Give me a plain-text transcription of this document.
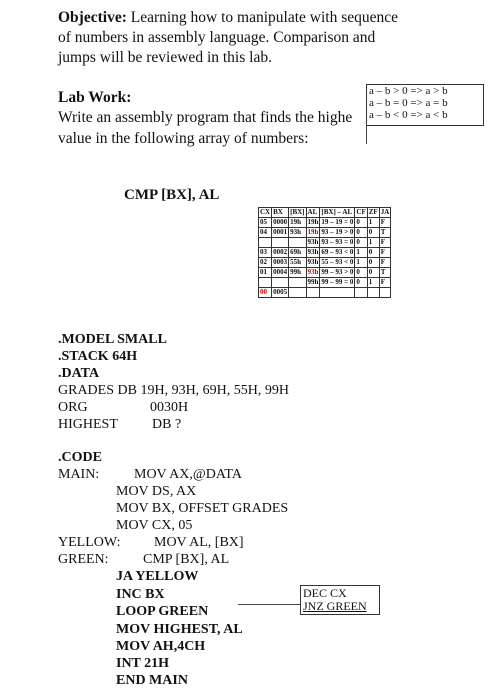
Objective: Learning how to manipulate with sequence
of numbers in assembly language. Comparison and
jumps will be reviewed in this lab.
Lab Work:
Write an assembly program that finds the highe
value in the following array of numbers:
a – b > 0 => a > b
a – b = 0 => a = b
a – b < 0 => a < b
CMP [BX], AL
CX	BX	[BX]	AL	[BX] – AL	CF	ZF	JA
05	0000	19h	19h	19 – 19 = 0	0	1	F
04	0001	93h	19h	93 – 19 > 0	0	0	T
			93h	93 – 93 = 0	0	1	F
03	0002	69h	93h	69 – 93 < 0	1	0	F
02	0003	55h	93h	55 – 93 < 0	1	0	F
01	0004	99h	93h	99 – 93 > 0	0	0	T
			99h	99 – 99 = 0	0	1	F
00	0005						
.MODEL SMALL
.STACK 64H
.DATA
GRADES DB 19H, 93H, 69H, 55H, 99H
ORG	0030H
HIGHEST DB ?
.CODE
MAIN: MOV AX,@DATA
MOV DS, AX
MOV BX, OFFSET GRADES
MOV CX, 05
YELLOW: MOV AL, [BX]
GREEN: CMP [BX], AL
JA YELLOW
INC BX
LOOP GREEN
MOV HIGHEST, AL
MOV AH,4CH
INT 21H
END MAIN
DEC CX
JNZ GREEN
